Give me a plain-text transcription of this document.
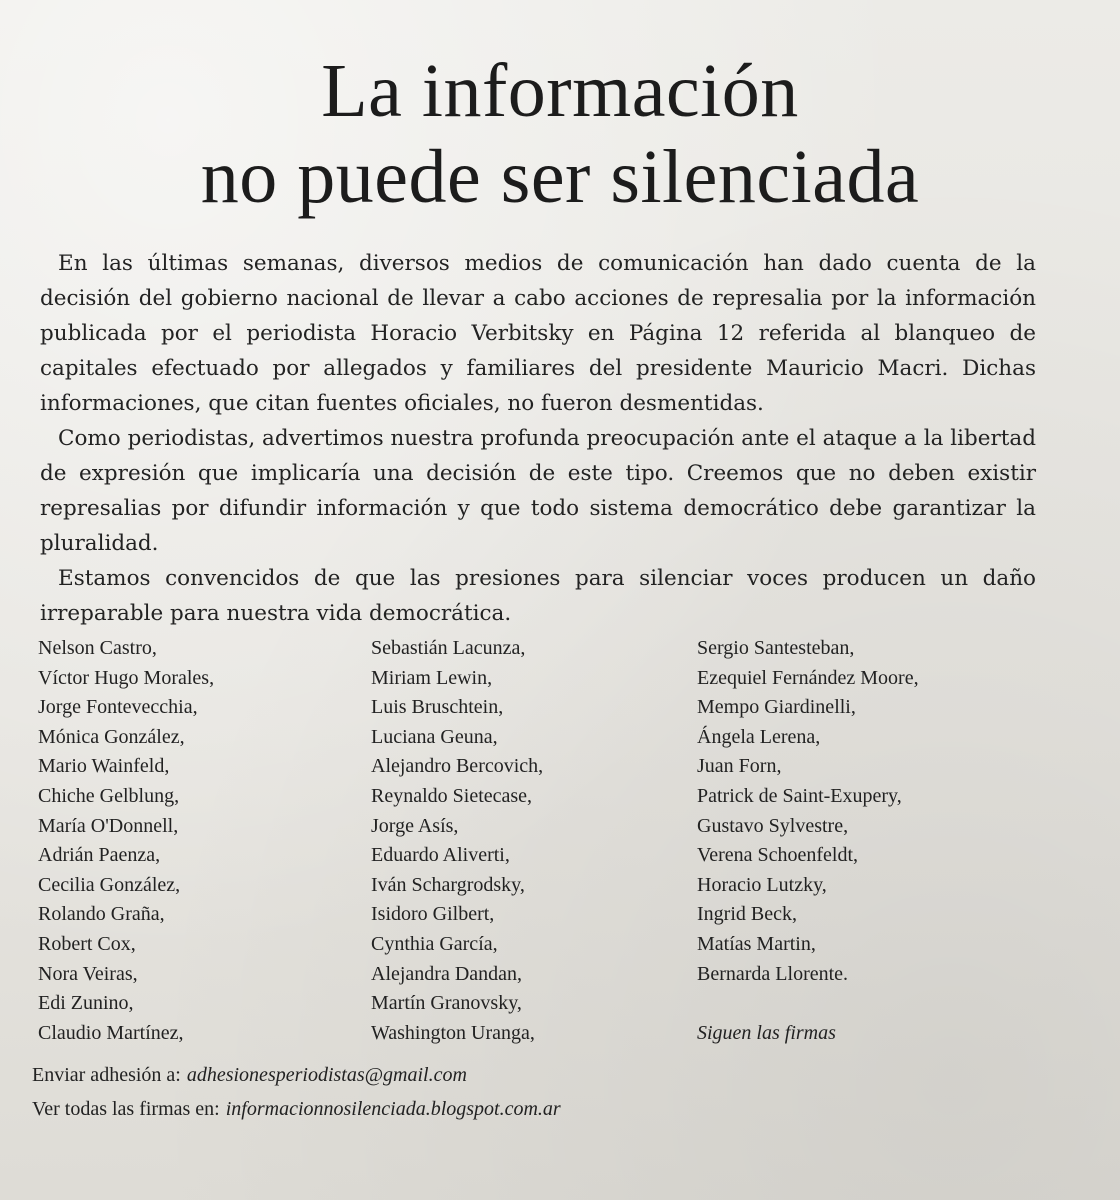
La información
no puede ser silenciada

En las últimas semanas, diversos medios de comunicación han dado cuenta de la decisión del gobierno nacional de llevar a cabo acciones de represalia por la información publicada por el periodista Horacio Verbitsky en Página 12 referida al blanqueo de capitales efectuado por allegados y familiares del presidente Mauricio Macri. Dichas informaciones, que citan fuentes oficiales, no fueron desmentidas.

Como periodistas, advertimos nuestra profunda preocupación ante el ataque a la libertad de expresión que implicaría una decisión de este tipo. Creemos que no deben existir represalias por difundir información y que todo sistema democrático debe garantizar la pluralidad.

Estamos convencidos de que las presiones para silenciar voces producen un daño irreparable para nuestra vida democrática.

Nelson Castro,
Víctor Hugo Morales,
Jorge Fontevecchia,
Mónica González,
Mario Wainfeld,
Chiche Gelblung,
María O'Donnell,
Adrián Paenza,
Cecilia González,
Rolando Graña,
Robert Cox,
Nora Veiras,
Edi Zunino,
Claudio Martínez,
Sebastián Lacunza,
Miriam Lewin,
Luis Bruschtein,
Luciana Geuna,
Alejandro Bercovich,
Reynaldo Sietecase,
Jorge Asís,
Eduardo Aliverti,
Iván Schargrodsky,
Isidoro Gilbert,
Cynthia García,
Alejandra Dandan,
Martín Granovsky,
Washington Uranga,
Sergio Santesteban,
Ezequiel Fernández Moore,
Mempo Giardinelli,
Ángela Lerena,
Juan Forn,
Patrick de Saint-Exupery,
Gustavo Sylvestre,
Verena Schoenfeldt,
Horacio Lutzky,
Ingrid Beck,
Matías Martin,
Bernarda Llorente.
Siguen las firmas
Enviar adhesión a: adhesionesperiodistas@gmail.com
Ver todas las firmas en: informacionnosilenciada.blogspot.com.ar
